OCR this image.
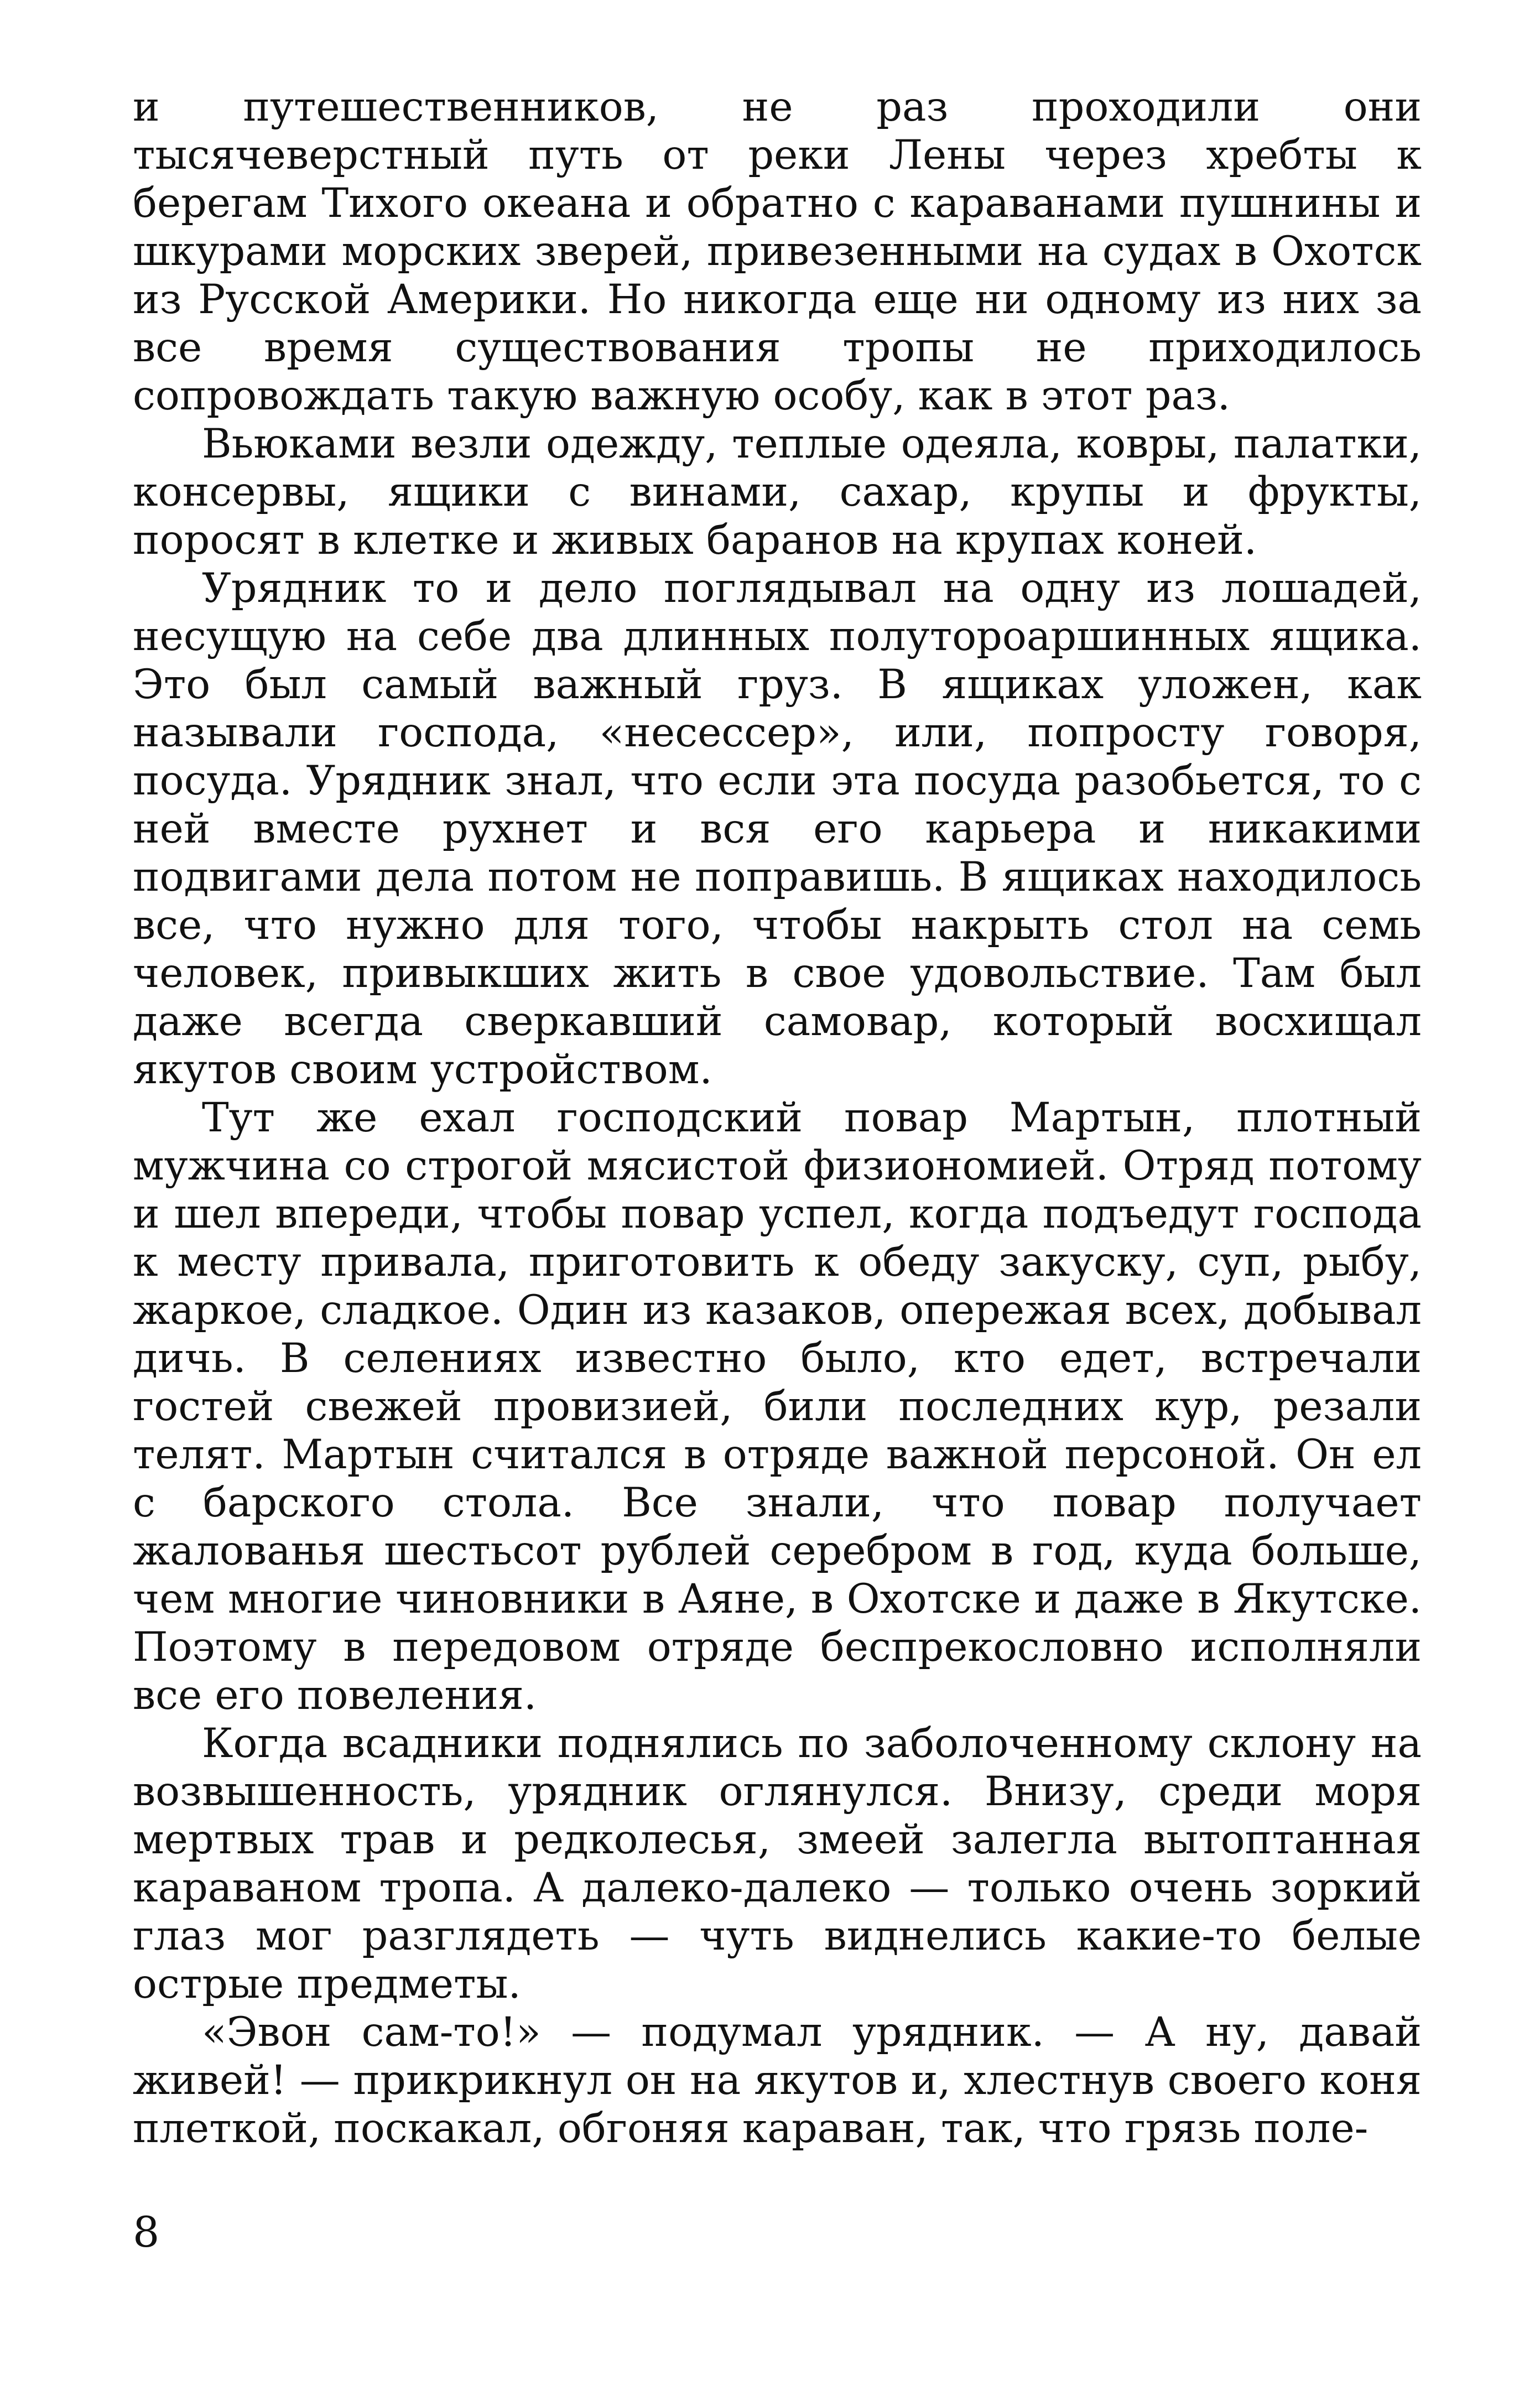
и путешественников, не раз проходили они тысячеверстный путь от реки Лены через хребты к берегам Тихого океана и обратно с караванами пушнины и шкурами морских зверей, привезенными на судах в Охотск из Русской Америки. Но никогда еще ни одному из них за все время существования тропы не приходилось сопровождать такую важную особу, как в этот раз.

Вьюками везли одежду, теплые одеяла, ковры, палатки, консервы, ящики с винами, сахар, крупы и фрукты, поросят в клетке и живых баранов на крупах коней.

Урядник то и дело поглядывал на одну из лошадей, несущую на себе два длинных полутороаршинных ящика. Это был самый важный груз. В ящиках уложен, как называли господа, «несессер», или, попросту говоря, посуда. Урядник знал, что если эта посуда разобьется, то с ней вместе рухнет и вся его карьера и никакими подвигами дела потом не поправишь. В ящиках находилось все, что нужно для того, чтобы накрыть стол на семь человек, привыкших жить в свое удовольствие. Там был даже всегда сверкавший самовар, который восхищал якутов своим устройством.

Тут же ехал господский повар Мартын, плотный мужчина со строгой мясистой физиономией. Отряд потому и шел впереди, чтобы повар успел, когда подъедут господа к месту привала, приготовить к обеду закуску, суп, рыбу, жаркое, сладкое. Один из казаков, опережая всех, добывал дичь. В селениях известно было, кто едет, встречали гостей свежей провизией, били последних кур, резали телят. Мартын считался в отряде важной персоной. Он ел с барского стола. Все знали, что повар получает жалованья шестьсот рублей серебром в год, куда больше, чем многие чиновники в Аяне, в Охотске и даже в Якутске. Поэтому в передовом отряде беспрекословно исполняли все его повеления.

Когда всадники поднялись по заболоченному склону на возвышенность, урядник оглянулся. Внизу, среди моря мертвых трав и редколесья, змеей залегла вытоптанная караваном тропа. А далеко-далеко — только очень зоркий глаз мог разглядеть — чуть виднелись какие-то белые острые предметы.

«Эвон сам-то!» — подумал урядник. — А ну, давай живей! — прикрикнул он на якутов и, хлестнув своего коня плеткой, поскакал, обгоняя караван, так, что грязь поле-

8
